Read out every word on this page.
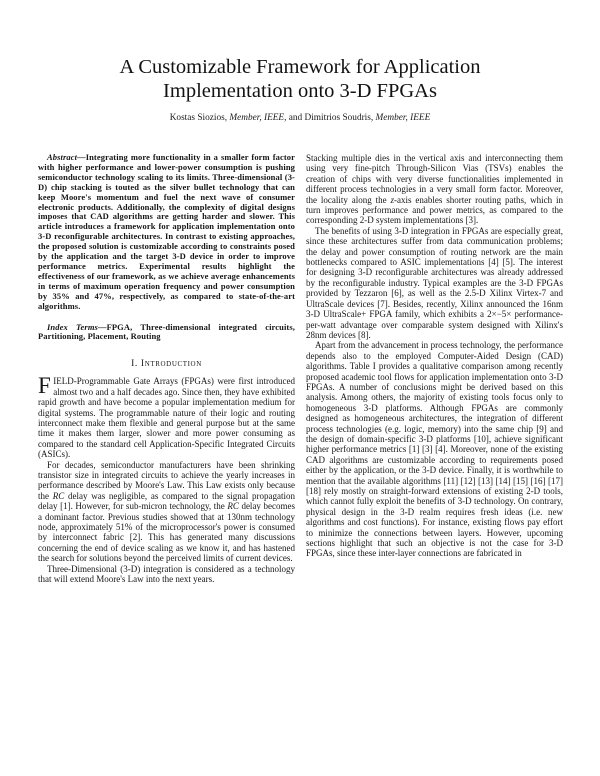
A Customizable Framework for Application
Implementation onto 3-D FPGAs
Kostas Siozios, Member, IEEE, and Dimitrios Soudris, Member, IEEE

Abstract—Integrating more functionality in a smaller form factor with higher performance and lower-power consumption is pushing semiconductor technology scaling to its limits. Three-dimensional (3-D) chip stacking is touted as the silver bullet technology that can keep Moore's momentum and fuel the next wave of consumer electronic products. Additionally, the complexity of digital designs imposes that CAD algorithms are getting harder and slower. This article introduces a framework for application implementation onto 3-D reconfigurable architectures. In contrast to existing approaches, the proposed solution is customizable according to constraints posed by the application and the target 3-D device in order to improve performance metrics. Experimental results highlight the effectiveness of our framework, as we achieve average enhancements in terms of maximum operation frequency and power consumption by 35% and 47%, respectively, as compared to state-of-the-art algorithms.

Index Terms—FPGA, Three-dimensional integrated circuits, Partitioning, Placement, Routing

I. Introduction

FIELD-Programmable Gate Arrays (FPGAs) were first introduced almost two and a half decades ago. Since then, they have exhibited rapid growth and have become a popular implementation medium for digital systems. The programmable nature of their logic and routing interconnect make them flexible and general purpose but at the same time it makes them larger, slower and more power consuming as compared to the standard cell Application-Specific Integrated Circuits (ASICs).

For decades, semiconductor manufacturers have been shrinking transistor size in integrated circuits to achieve the yearly increases in performance described by Moore's Law. This Law exists only because the RC delay was negligible, as compared to the signal propagation delay [1]. However, for sub-micron technology, the RC delay becomes a dominant factor. Previous studies showed that at 130nm technology node, approximately 51% of the microprocessor's power is consumed by interconnect fabric [2]. This has generated many discussions concerning the end of device scaling as we know it, and has hastened the search for solutions beyond the perceived limits of current devices.

Three-Dimensional (3-D) integration is considered as a technology that will extend Moore's Law into the next years.

Stacking multiple dies in the vertical axis and interconnecting them using very fine-pitch Through-Silicon Vias (TSVs) enables the creation of chips with very diverse functionalities implemented in different process technologies in a very small form factor. Moreover, the locality along the z-axis enables shorter routing paths, which in turn improves performance and power metrics, as compared to the corresponding 2-D system implementations [3].

The benefits of using 3-D integration in FPGAs are especially great, since these architectures suffer from data communication problems; the delay and power consumption of routing network are the main bottlenecks compared to ASIC implementations [4] [5]. The interest for designing 3-D reconfigurable architectures was already addressed by the reconfigurable industry. Typical examples are the 3-D FPGAs provided by Tezzaron [6], as well as the 2.5-D Xilinx Virtex-7 and UltraScale devices [7]. Besides, recently, Xilinx announced the 16nm 3-D UltraScale+ FPGA family, which exhibits a 2×−5× performance-per-watt advantage over comparable system designed with Xilinx's 28nm devices [8].

Apart from the advancement in process technology, the performance depends also to the employed Computer-Aided Design (CAD) algorithms. Table I provides a qualitative comparison among recently proposed academic tool flows for application implementation onto 3-D FPGAs. A number of conclusions might be derived based on this analysis. Among others, the majority of existing tools focus only to homogeneous 3-D platforms. Although FPGAs are commonly designed as homogeneous architectures, the integration of different process technologies (e.g. logic, memory) into the same chip [9] and the design of domain-specific 3-D platforms [10], achieve significant higher performance metrics [1] [3] [4]. Moreover, none of the existing CAD algorithms are customizable according to requirements posed either by the application, or the 3-D device. Finally, it is worthwhile to mention that the available algorithms [11] [12] [13] [14] [15] [16] [17] [18] rely mostly on straight-forward extensions of existing 2-D tools, which cannot fully exploit the benefits of 3-D technology. On contrary, physical design in the 3-D realm requires fresh ideas (i.e. new algorithms and cost functions). For instance, existing flows pay effort to minimize the connections between layers. However, upcoming sections highlight that such an objective is not the case for 3-D FPGAs, since these inter-layer connections are fabricated in
